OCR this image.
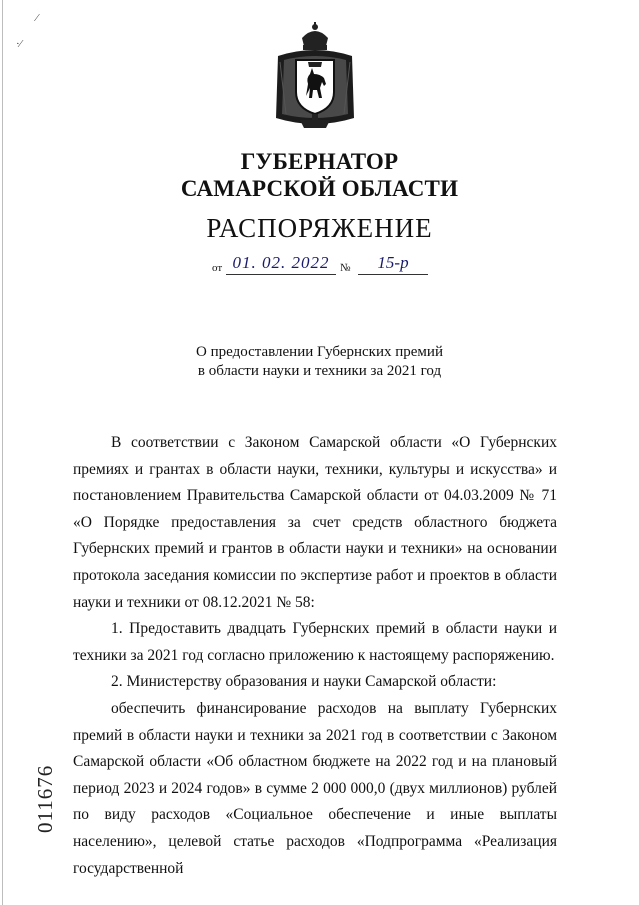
⁄
·⁄
ГУБЕРНАТОР
САМАРСКОЙ ОБЛАСТИ
РАСПОРЯЖЕНИЕ
от 01. 02. 2022 №	15-р
О предоставлении Губернских премий
в области науки и техники за 2021 год

В соответствии с Законом Самарской области «О Губернских премиях и грантах в области науки, техники, культуры и искусства» и постановлением Правительства Самарской области от 04.03.2009 № 71 «О Порядке предоставления за счет средств областного бюджета Губернских премий и грантов в области науки и техники» на основании протокола заседания комиссии по экспертизе работ и проектов в области науки и техники от 08.12.2021 № 58:

1. Предоставить двадцать Губернских премий в области науки и техники за 2021 год согласно приложению к настоящему распоряжению.

2. Министерству образования и науки Самарской области:

обеспечить финансирование расходов на выплату Губернских премий в области науки и техники за 2021 год в соответствии с Законом Самарской области «Об областном бюджете на 2022 год и на плановый период 2023 и 2024 годов» в сумме 2 000 000,0 (двух миллионов) рублей по виду расходов «Социальное обеспечение и иные выплаты населению», целевой статье расходов «Подпрограмма «Реализация государственной

011676
